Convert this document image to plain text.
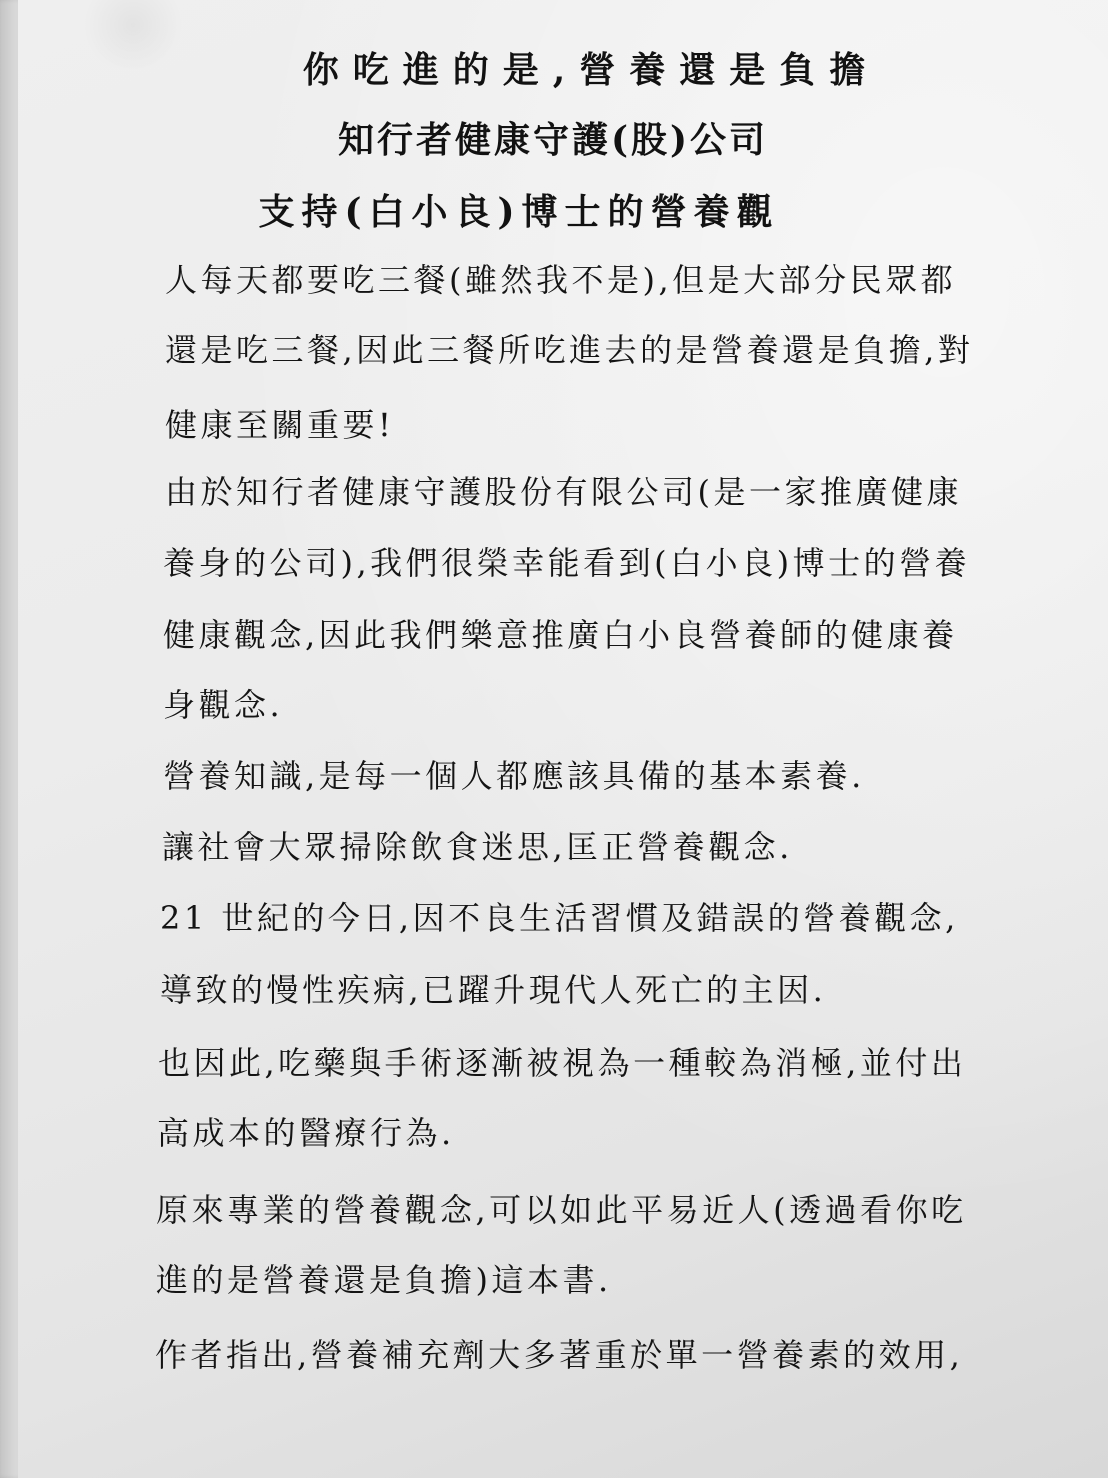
你吃進的是,營養還是負擔
知行者健康守護(股)公司
支持(白小良)博士的營養觀
人每天都要吃三餐(雖然我不是),但是大部分民眾都
還是吃三餐,因此三餐所吃進去的是營養還是負擔,對
健康至關重要!
由於知行者健康守護股份有限公司(是一家推廣健康
養身的公司),我們很榮幸能看到(白小良)博士的營養
健康觀念,因此我們樂意推廣白小良營養師的健康養
身觀念.
營養知識,是每一個人都應該具備的基本素養.
讓社會大眾掃除飲食迷思,匡正營養觀念.
21 世紀的今日,因不良生活習慣及錯誤的營養觀念,
導致的慢性疾病,已躍升現代人死亡的主因.
也因此,吃藥與手術逐漸被視為一種較為消極,並付出
高成本的醫療行為.
原來專業的營養觀念,可以如此平易近人(透過看你吃
進的是營養還是負擔)這本書.
作者指出,營養補充劑大多著重於單一營養素的效用,
